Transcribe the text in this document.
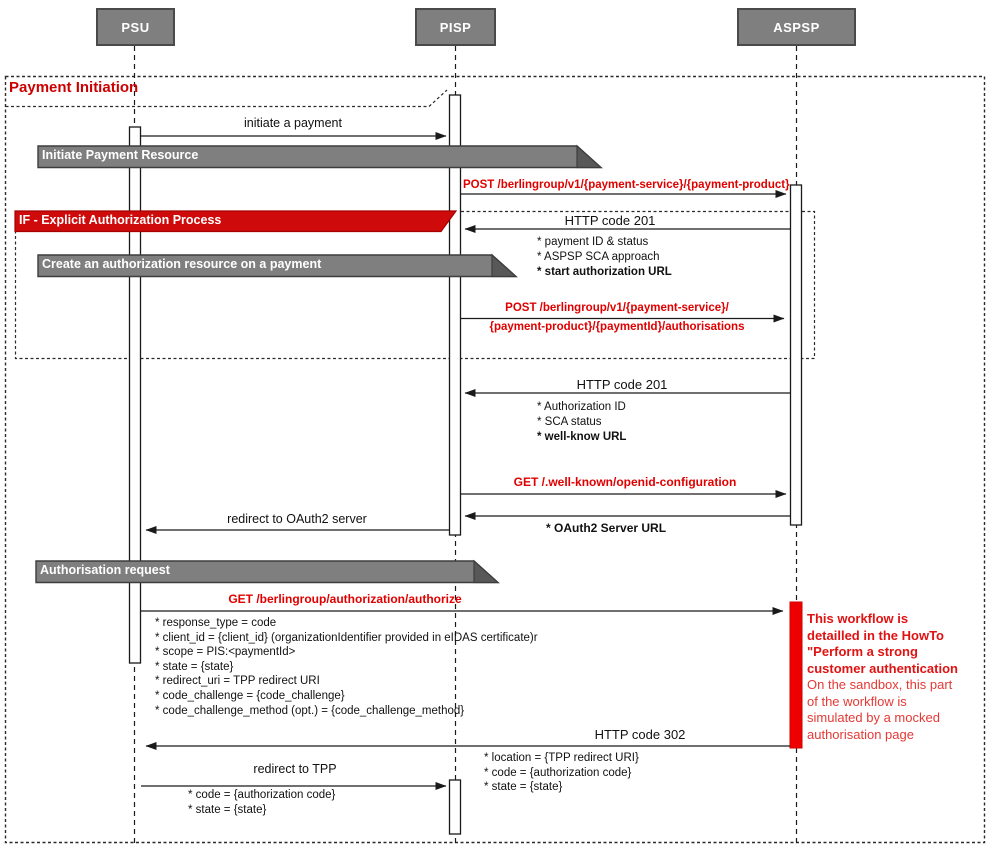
PSU	PISP	ASPSP
Payment Initiation
Initiate Payment Resource
IF - Explicit Authorization Process
Create an authorization resource on a payment
Authorisation request
initiate a payment
POST /berlingroup/v1/{payment-service}/{payment-product}
HTTP code 201
* payment ID & status
* ASPSP SCA approach
* start authorization URL
POST /berlingroup/v1/{payment-service}/
{payment-product}/{paymentId}/authorisations
HTTP code 201
* Authorization ID
* SCA status
* well-know URL
GET /.well-known/openid-configuration
* OAuth2 Server URL
redirect to OAuth2 server
GET /berlingroup/authorization/authorize
* response_type = code
* client_id = {client_id} (organizationIdentifier provided in eIDAS certificate)r
* scope = PIS:<paymentId>
* state = {state}
* redirect_uri = TPP redirect URI
* code_challenge = {code_challenge}
* code_challenge_method (opt.) = {code_challenge_method}
HTTP code 302
* location = {TPP redirect URI}
* code = {authorization code}
* state = {state}
redirect to TPP
* code = {authorization code}
* state = {state}
This workflow is
detailled in the HowTo
"Perform a strong
customer authentication
On the sandbox, this part
of the workflow is
simulated by a mocked
authorisation page
